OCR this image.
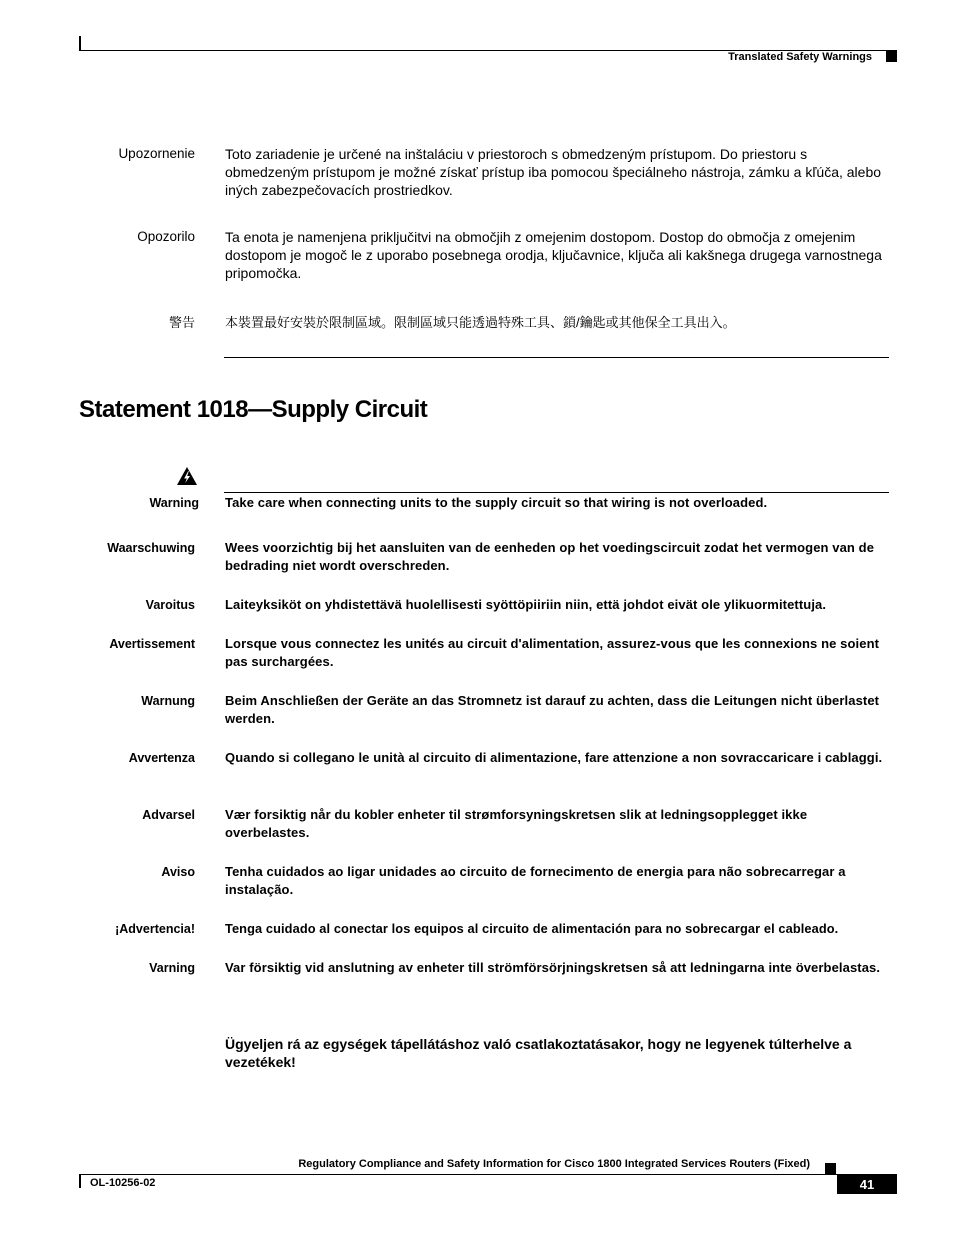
Translated Safety Warnings
Upozornenie Toto zariadenie je určené na inštaláciu v priestoroch s obmedzeným prístupom. Do priestoru s obmedzeným prístupom je možné získať prístup iba pomocou špeciálneho nástroja, zámku a kľúča, alebo iných zabezpečovacích prostriedkov.
Opozorilo Ta enota je namenjena priključitvi na območjih z omejenim dostopom. Dostop do območja z omejenim dostopom je mogoč le z uporabo posebnega orodja, ključavnice, ključa ali kakšnega drugega varnostnega pripomočka.
警告 本裝置最好安裝於限制區域。限制區域只能透過特殊工具、鎖/鑰匙或其他保全工具出入。
Statement 1018—Supply Circuit
Warning Take care when connecting units to the supply circuit so that wiring is not overloaded.
Waarschuwing Wees voorzichtig bij het aansluiten van de eenheden op het voedingscircuit zodat het vermogen van de bedrading niet wordt overschreden.
Varoitus Laiteyksiköt on yhdistettävä huolellisesti syöttöpiiriin niin, että johdot eivät ole ylikuormitettuja.
Avertissement Lorsque vous connectez les unités au circuit d'alimentation, assurez-vous que les connexions ne soient pas surchargées.
Warnung Beim Anschließen der Geräte an das Stromnetz ist darauf zu achten, dass die Leitungen nicht überlastet werden.
Avvertenza Quando si collegano le unità al circuito di alimentazione, fare attenzione a non sovraccaricare i cablaggi.
Advarsel Vær forsiktig når du kobler enheter til strømforsyningskretsen slik at ledningsopplegget ikke overbelastes.
Aviso Tenha cuidados ao ligar unidades ao circuito de fornecimento de energia para não sobrecarregar a instalação.
¡Advertencia! Tenga cuidado al conectar los equipos al circuito de alimentación para no sobrecargar el cableado.
Varning Var försiktig vid anslutning av enheter till strömförsörjningskretsen så att ledningarna inte överbelastas.
Ügyeljen rá az egységek tápellátáshoz való csatlakoztatásakor, hogy ne legyenek túlterhelve a vezetékek!
Regulatory Compliance and Safety Information for Cisco 1800 Integrated Services Routers (Fixed)
OL-10256-02	41
